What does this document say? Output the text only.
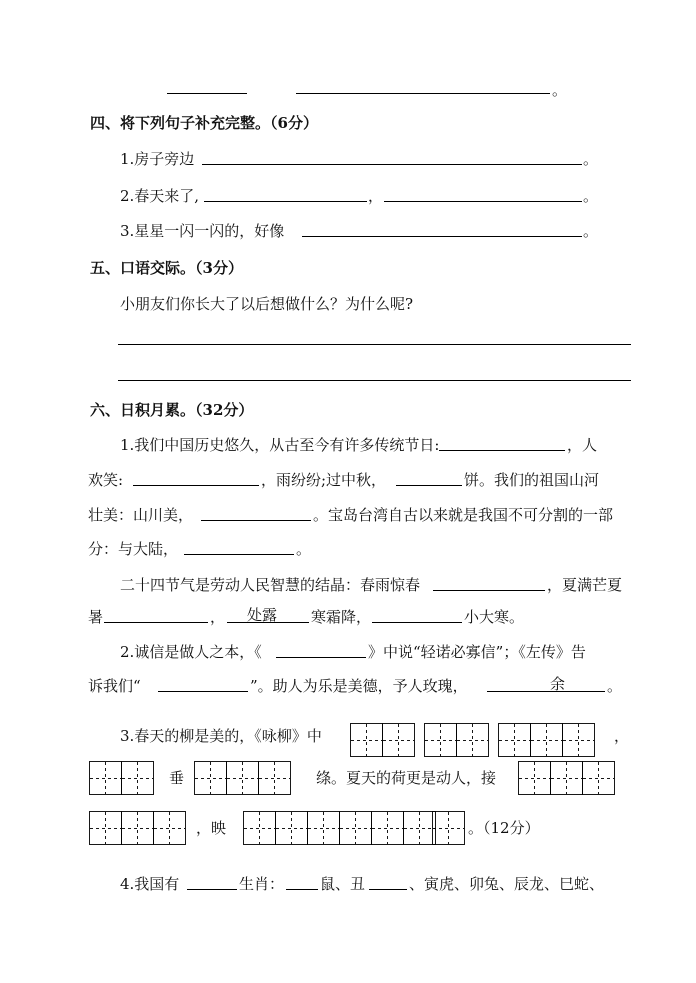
。
四、将下列句子补充完整。（6分）
1.房子旁边	。
2.春天来了,	，	。
3.星星一闪一闪的，好像	。
五、口语交际。（3分）
小朋友们你长大了以后想做什么？为什么呢?
六、日积月累。（32分）
1.我们中国历史悠久，从古至今有许多传统节日:	，人
欢笑:	，雨纷纷;过中秋，	饼。我们的祖国山河
壮美：山川美，	。宝岛台湾自古以来就是我国不可分割的一部
分：与大陆，	。
二十四节气是劳动人民智慧的结晶：春雨惊春	，夏满芒夏
暑	， 处露 寒霜降，	小大寒。
2.诚信是做人之本，《	》中说“轻诺必寡信”；《左传》告
诉我们“	”。助人为乐是美德，予人玫瑰，	余	。
3.春天的柳是美的，《咏柳》中	，
垂	绦。夏天的荷更是动人，接
，映	。（12分）
4.我国有	生肖： 鼠、丑	、寅虎、卯兔、辰龙、巳蛇、
